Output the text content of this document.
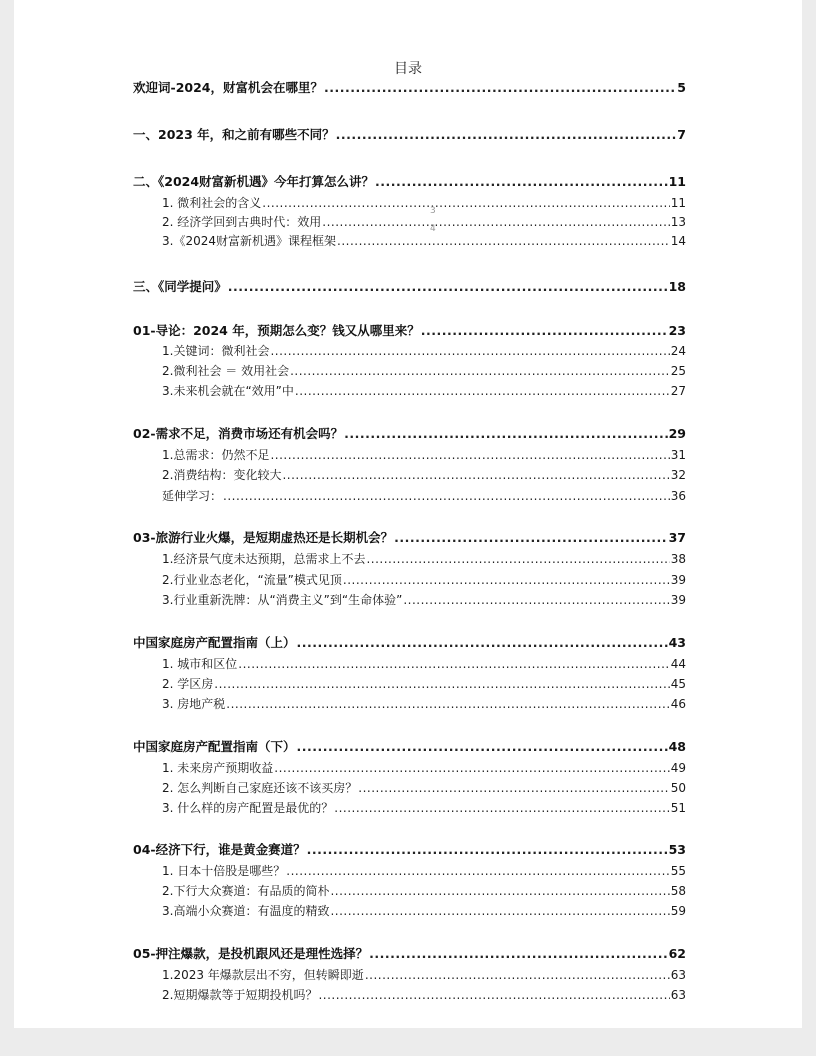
目录
欢迎词-2024，财富机会在哪里？ .....	5
一、2023 年，和之前有哪些不同？ .....	7
二、《2024财富新机遇》今年打算怎么讲？ .....	11
1. 微利社会的含义 .....	11
2. 经济学回到古典时代：效用 .....	13
3.《2024财富新机遇》课程框架 .....	14
三、《同学提问》 .....	18
01-导论：2024 年，预期怎么变？钱又从哪里来？ .....	23
1.关键词：微利社会 .....	24
2.微利社会 ＝ 效用社会 .....	25
3.未来机会就在“效用”中 .....	27
02-需求不足，消费市场还有机会吗？ .....	29
1.总需求：仍然不足 .....	31
2.消费结构：变化较大 .....	32
延伸学习： .....	36
03-旅游行业火爆，是短期虚热还是长期机会？ .....	37
1.经济景气度未达预期，总需求上不去 .....	38
2.行业业态老化，“流量”模式见顶 .....	39
3.行业重新洗牌：从“消费主义”到“生命体验” .....	39
中国家庭房产配置指南（上） .....	43
1. 城市和区位 .....	44
2. 学区房 .....	45
3. 房地产税 .....	46
中国家庭房产配置指南（下） .....	48
1. 未来房产预期收益 .....	49
2. 怎么判断自己家庭还该不该买房？ .....	50
3. 什么样的房产配置是最优的？ .....	51
04-经济下行，谁是黄金赛道？ .....	53
1. 日本十倍股是哪些？ .....	55
2.下行大众赛道：有品质的简朴 .....	58
3.高端小众赛道：有温度的精致 .....	59
05-押注爆款，是投机跟风还是理性选择？ .....	62
1.2023 年爆款层出不穷，但转瞬即逝 .....	63
2.短期爆款等于短期投机吗？ .....	63
3
4
